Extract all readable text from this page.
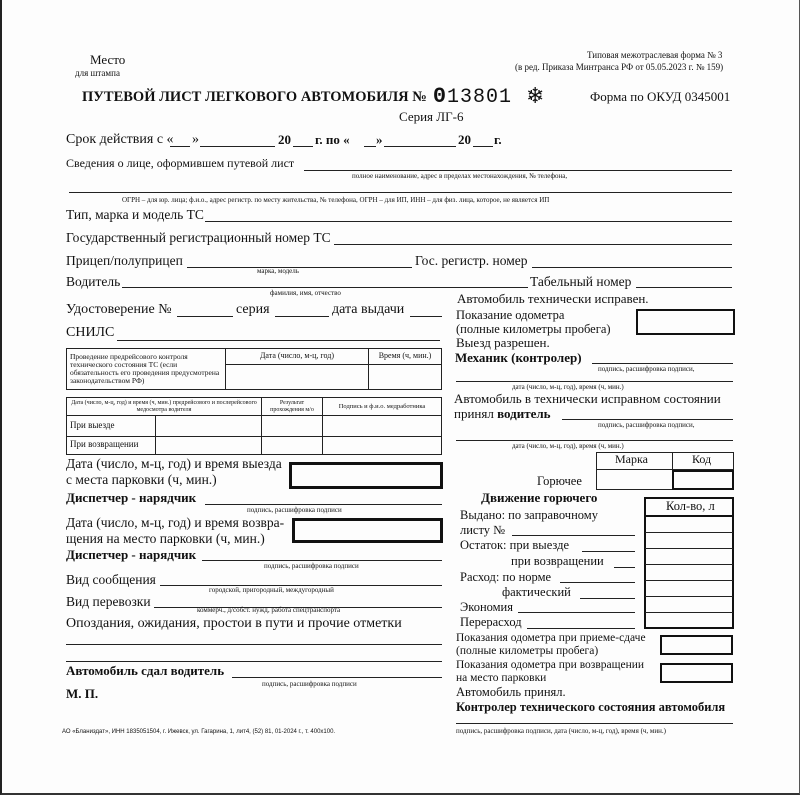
Место
для штампа
Типовая межотраслевая форма № 3
(в ред. Приказа Минтранса РФ от 05.05.2023 г. № 159)
ПУТЕВОЙ ЛИСТ ЛЕГКОВОГО АВТОМОБИЛЯ № 013801 ❄	Форма по ОКУД 0345001
Серия ЛГ-6
Срок действия с « »	20 г. по « »	20 г.
Сведения о лице, оформившем путевой лист
полное наименование, адрес в пределах местонахождения, № телефона,
ОГРН – для юр. лица; ф.и.о., адрес регистр. по месту жительства, № телефона, ОГРН – для ИП, ИНН – для физ. лица, которое, не является ИП
Тип, марка и модель ТС
Государственный регистрационный номер ТС
Прицеп/полуприцеп
марка, модель
Гос. регистр. номер
Водитель
фамилия, имя, отчество
Табельный номер
Удостоверение №	серия	дата выдачи
СНИЛС
Проведение предрейсового контроля технического состояния ТС (если обязательность его проведения предусмотрена законодательством РФ)	Дата (число, м-ц, год)	Время (ч, мин.)

Дата (число, м-ц, год) и время (ч, мин.) предрейсового и послерейсового медосмотра водителя		Результат прохождения м/о	Подпись и ф.и.о. медработника
При выезде			
При возвращении			
Дата (число, м-ц, год) и время выезда
с места парковки (ч, мин.)
Диспетчер - нарядчик
подпись, расшифровка подписи
Дата (число, м-ц, год) и время возвра-
щения на место парковки (ч, мин.)
Диспетчер - нарядчик
подпись, расшифровка подписи
Вид сообщения
городской, пригородный, междугородный
Вид перевозки
коммерч., д/собст. нужд, работа спецтранспорта
Опоздания, ожидания, простои в пути и прочие отметки
Автомобиль сдал водитель
подпись, расшифровка подписи
М. П.
АО «Бланиздат», ИНН 1835051504, г. Ижевск, ул. Гагарина, 1, лит4, (52) 81, 01-2024 г., т. 400х100.
Автомобиль технически исправен.
Показание одометра
(полные километры пробега)
Выезд разрешен.
Механик (контролер)
подпись, расшифровка подписи,
дата (число, м-ц, год), время (ч, мин.)
Автомобиль в технически исправном состоянии
принял водитель
подпись, расшифровка подписи,
дата (число, м-ц, год), время (ч, мин.)
Марка	Код
Горючее
Движение горючего
Выдано: по заправочному
листу №
Остаток: при выезде
при возвращении
Расход: по норме
фактический
Экономия
Перерасход
Кол-во, л
Показания одометра при приеме-сдаче
(полные километры пробега)
Показания одометра при возвращении
на место парковки
Автомобиль принял.
Контролер технического состояния автомобиля
подпись, расшифровка подписи, дата (число, м-ц, год), время (ч, мин.)
